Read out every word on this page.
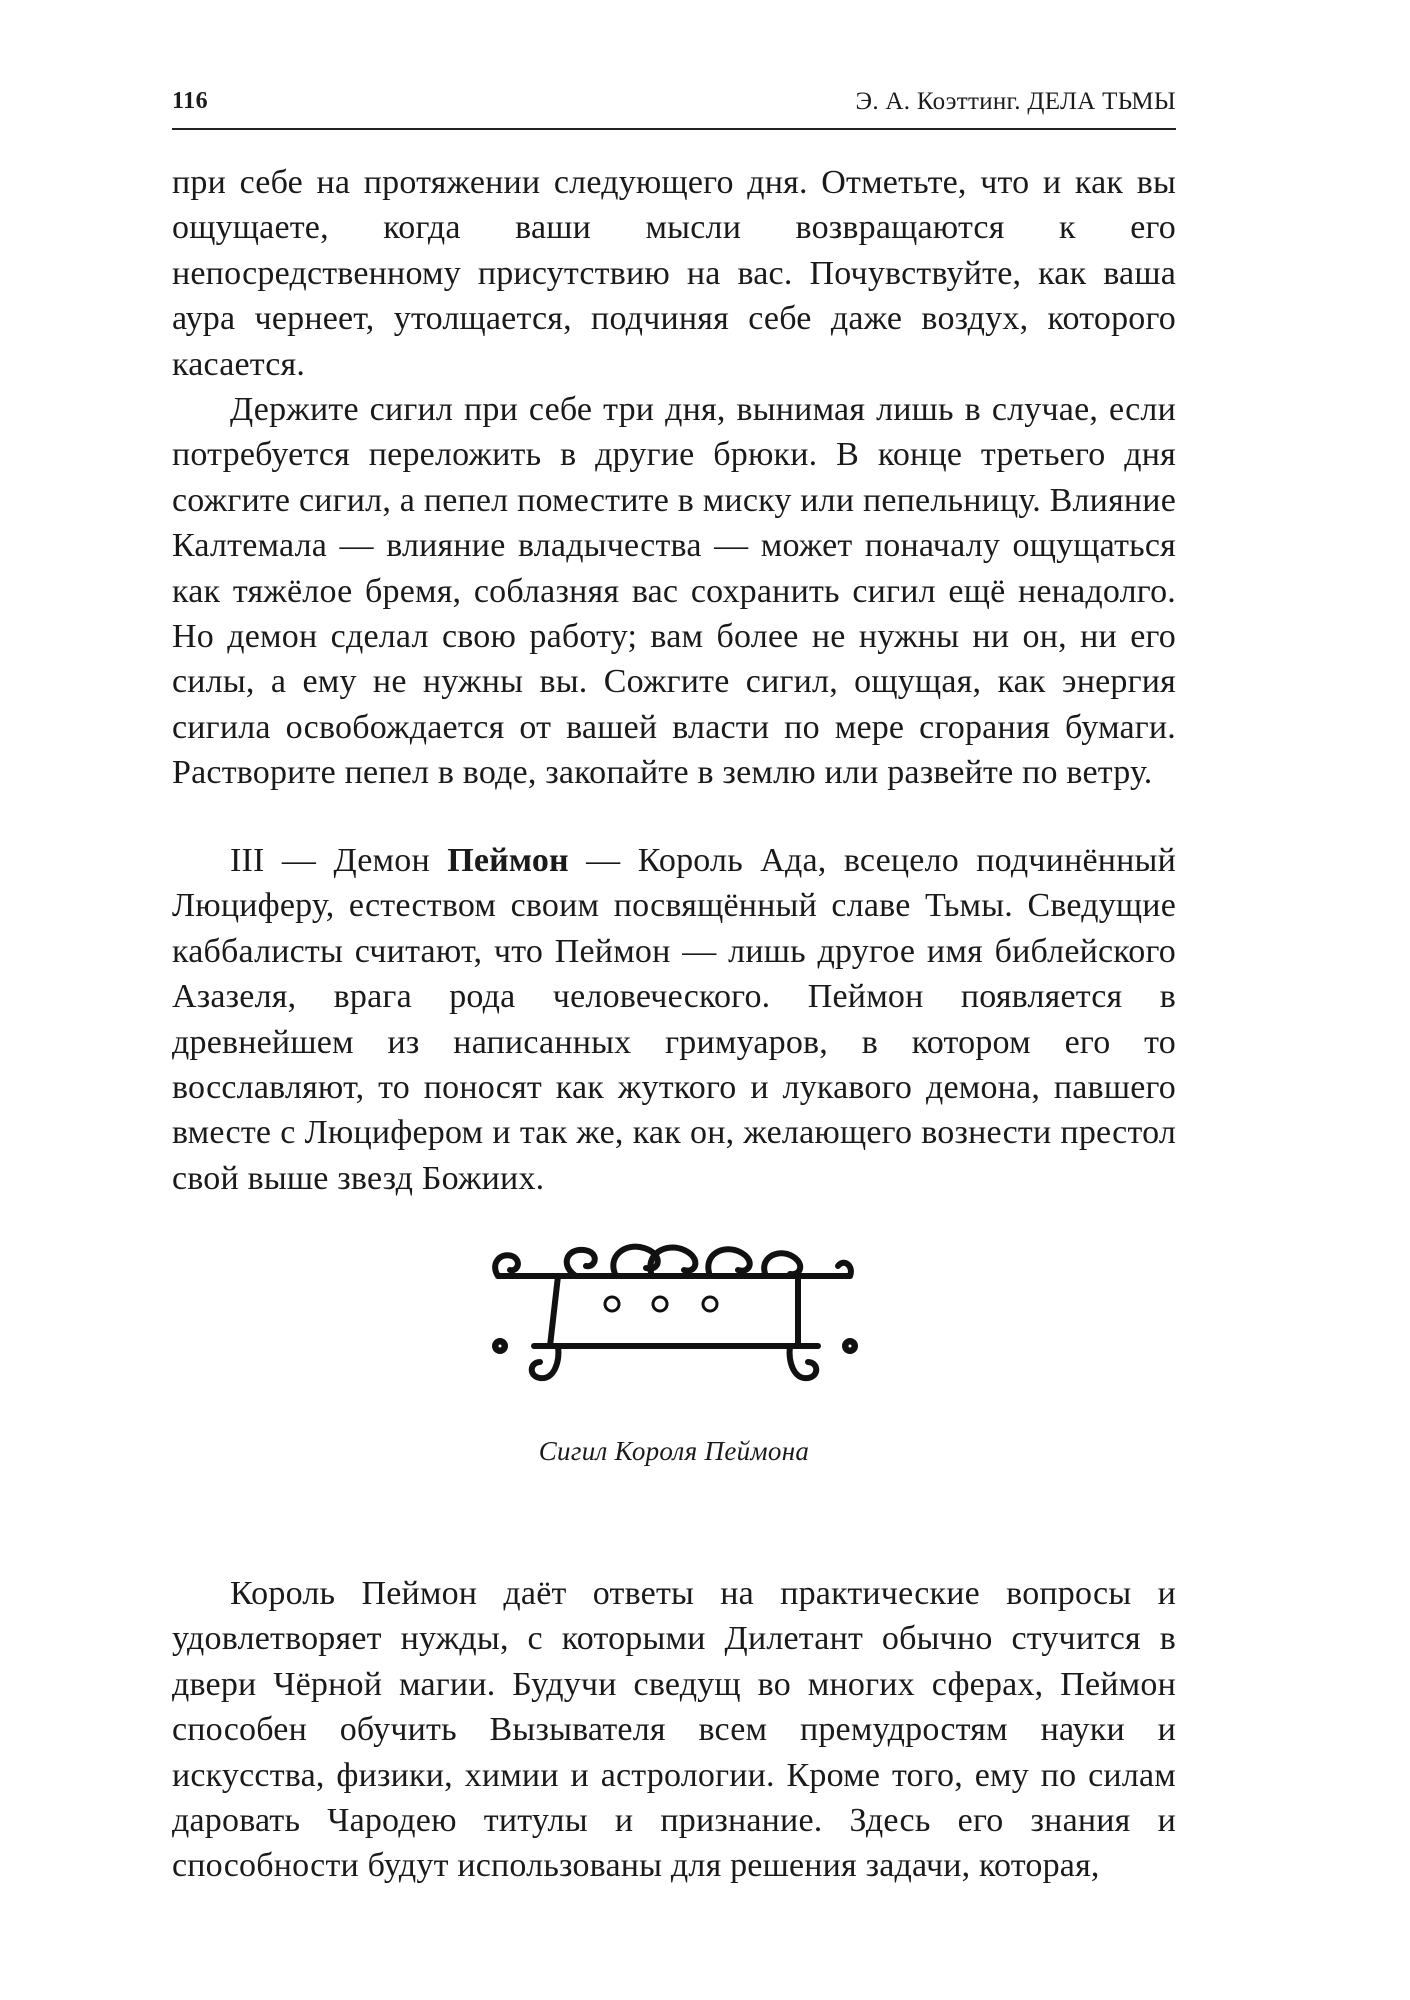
116	Э. А. Коэттинг. ДЕЛА ТЬМЫ

при себе на протяжении следующего дня. Отметьте, что и как вы ощущаете, когда ваши мысли возвращаются к его непосредственному присутствию на вас. Почувствуйте, как ваша аура чернеет, утолщается, подчиняя себе даже воздух, которого касается.

Держите сигил при себе три дня, вынимая лишь в случае, если потребуется переложить в другие брюки. В конце третьего дня сожгите сигил, а пепел поместите в миску или пепельницу. Влияние Калтемала — влияние владычества — может поначалу ощущаться как тяжёлое бремя, соблазняя вас сохранить сигил ещё ненадолго. Но демон сделал свою работу; вам более не нужны ни он, ни его силы, а ему не нужны вы. Сожгите сигил, ощущая, как энергия сигила освобождается от вашей власти по мере сгорания бумаги. Растворите пепел в воде, закопайте в землю или развейте по ветру.

III — Демон Пеймон — Король Ада, всецело подчинённый Люциферу, естеством своим посвящённый славе Тьмы. Сведущие каббалисты считают, что Пеймон — лишь другое имя библейского Азазеля, врага рода человеческого. Пеймон появляется в древнейшем из написанных гримуаров, в котором его то восславляют, то поносят как жуткого и лукавого демона, павшего вместе с Люцифером и так же, как он, желающего вознести престол свой выше звезд Божиих.

Сигил Короля Пеймона

Король Пеймон даёт ответы на практические вопросы и удовлетворяет нужды, с которыми Дилетант обычно стучится в двери Чёрной магии. Будучи сведущ во многих сферах, Пеймон способен обучить Вызывателя всем премудростям науки и искусства, физики, химии и астрологии. Кроме того, ему по силам даровать Чародею титулы и признание. Здесь его знания и способности будут использованы для решения задачи, которая,
